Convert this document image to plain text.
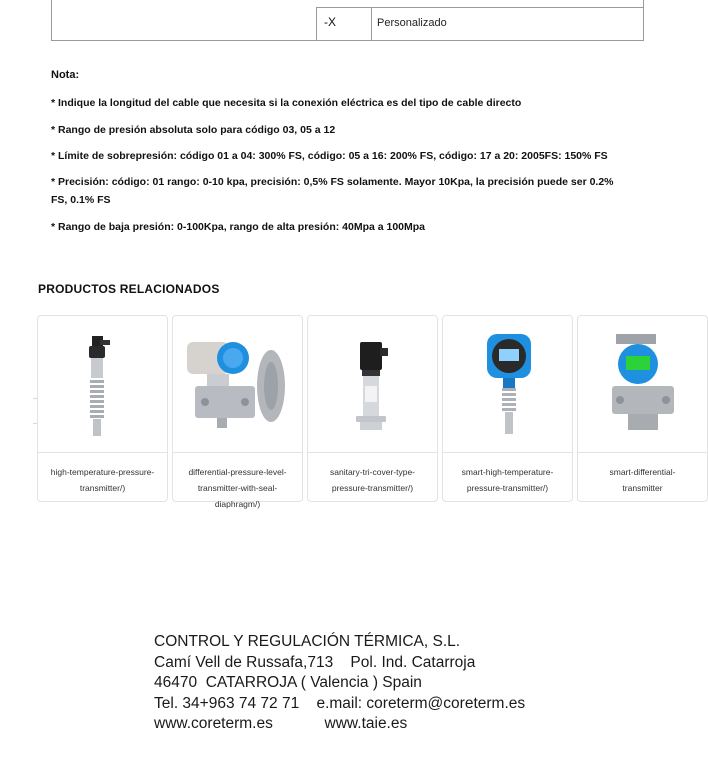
-X	Personalizado

Nota:

* Indique la longitud del cable que necesita si la conexión eléctrica es del tipo de cable directo

* Rango de presión absoluta solo para código 03, 05 a 12

* Límite de sobrepresión: código 01 a 04: 300% FS, código: 05 a 16: 200% FS, código: 17 a 20: 2005FS: 150% FS

* Precisión: código: 01 rango: 0-10 kpa, precisión: 0,5% FS solamente. Mayor 10Kpa, la precisión puede ser 0.2%

FS, 0.1% FS

* Rango de baja presión: 0-100Kpa, rango de alta presión: 40Mpa a 100Mpa

PRODUCTOS RELACIONADOS
high-temperature-pressure-
transmitter/)
differential-pressure-level-
transmitter-with-seal-
diaphragm/)
sanitary-tri-cover-type-
pressure-transmitter/)
smart-high-temperature-
pressure-transmitter/)
smart-differential-
transmitter

CONTROL Y REGULACIÓN TÉRMICA, S.L.

Camí Vell de Russafa,713    Pol. Ind. Catarroja

46470  CATARROJA ( Valencia ) Spain

Tel. 34+963 74 72 71    e.mail: coreterm@coreterm.es

www.coreterm.es            www.taie.es
